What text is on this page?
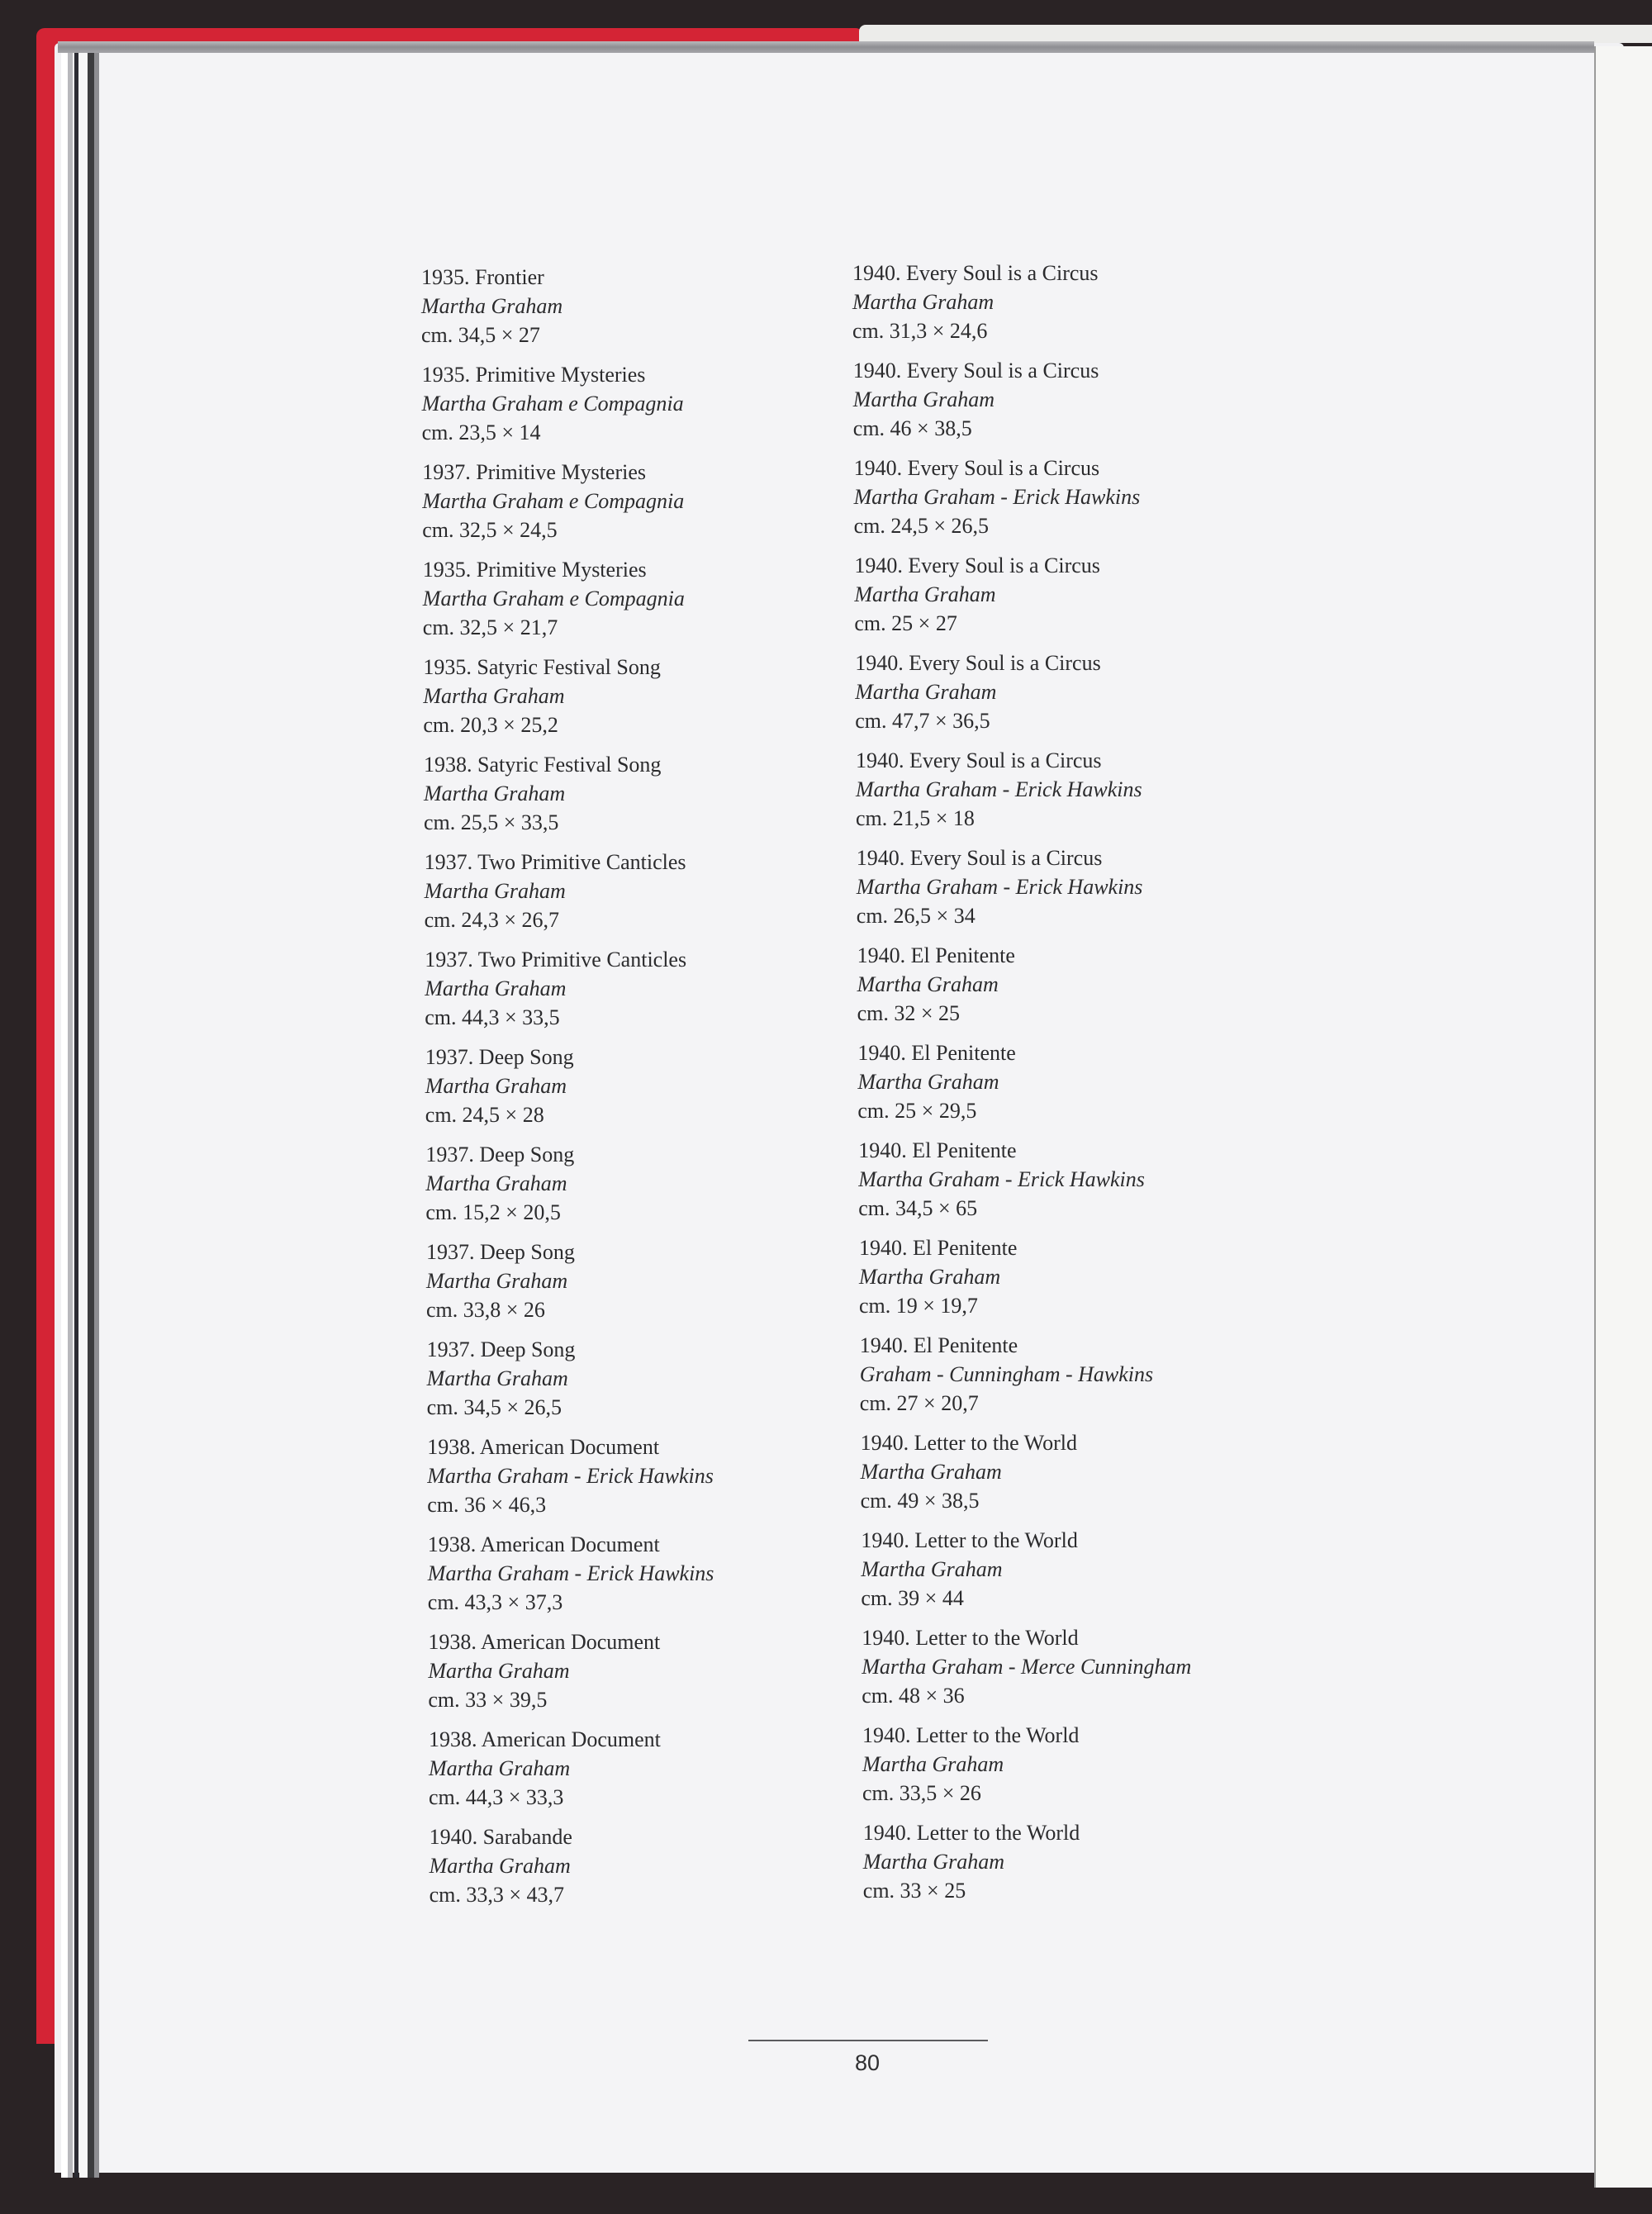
1935. Frontier
Martha Graham
cm. 34,5 × 27
1935. Primitive Mysteries
Martha Graham e Compagnia
cm. 23,5 × 14
1937. Primitive Mysteries
Martha Graham e Compagnia
cm. 32,5 × 24,5
1935. Primitive Mysteries
Martha Graham e Compagnia
cm. 32,5 × 21,7
1935. Satyric Festival Song
Martha Graham
cm. 20,3 × 25,2
1938. Satyric Festival Song
Martha Graham
cm. 25,5 × 33,5
1937. Two Primitive Canticles
Martha Graham
cm. 24,3 × 26,7
1937. Two Primitive Canticles
Martha Graham
cm. 44,3 × 33,5
1937. Deep Song
Martha Graham
cm. 24,5 × 28
1937. Deep Song
Martha Graham
cm. 15,2 × 20,5
1937. Deep Song
Martha Graham
cm. 33,8 × 26
1937. Deep Song
Martha Graham
cm. 34,5 × 26,5
1938. American Document
Martha Graham - Erick Hawkins
cm. 36 × 46,3
1938. American Document
Martha Graham - Erick Hawkins
cm. 43,3 × 37,3
1938. American Document
Martha Graham
cm. 33 × 39,5
1938. American Document
Martha Graham
cm. 44,3 × 33,3
1940. Sarabande
Martha Graham
cm. 33,3 × 43,7
1940. Every Soul is a Circus
Martha Graham
cm. 31,3 × 24,6
1940. Every Soul is a Circus
Martha Graham
cm. 46 × 38,5
1940. Every Soul is a Circus
Martha Graham - Erick Hawkins
cm. 24,5 × 26,5
1940. Every Soul is a Circus
Martha Graham
cm. 25 × 27
1940. Every Soul is a Circus
Martha Graham
cm. 47,7 × 36,5
1940. Every Soul is a Circus
Martha Graham - Erick Hawkins
cm. 21,5 × 18
1940. Every Soul is a Circus
Martha Graham - Erick Hawkins
cm. 26,5 × 34
1940. El Penitente
Martha Graham
cm. 32 × 25
1940. El Penitente
Martha Graham
cm. 25 × 29,5
1940. El Penitente
Martha Graham - Erick Hawkins
cm. 34,5 × 65
1940. El Penitente
Martha Graham
cm. 19 × 19,7
1940. El Penitente
Graham - Cunningham - Hawkins
cm. 27 × 20,7
1940. Letter to the World
Martha Graham
cm. 49 × 38,5
1940. Letter to the World
Martha Graham
cm. 39 × 44
1940. Letter to the World
Martha Graham - Merce Cunningham
cm. 48 × 36
1940. Letter to the World
Martha Graham
cm. 33,5 × 26
1940. Letter to the World
Martha Graham
cm. 33 × 25
80
